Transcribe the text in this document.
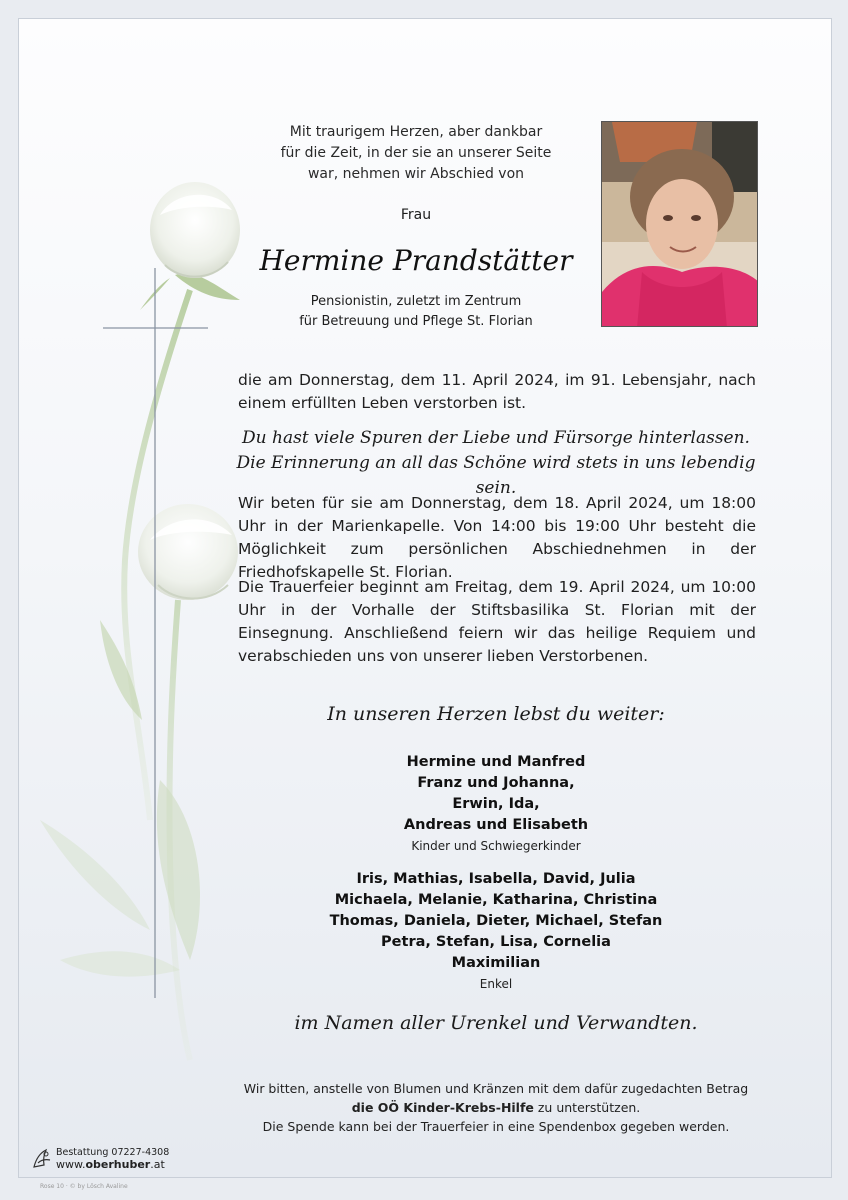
Mit traurigem Herzen, aber dankbar
für die Zeit, in der sie an unserer Seite
war, nehmen wir Abschied von
Frau
Hermine Prandstätter
Pensionistin, zuletzt im Zentrum
für Betreuung und Pflege St. Florian
die am Donnerstag, dem 11. April 2024, im 91. Lebensjahr, nach einem erfüllten Leben verstorben ist.
Du hast viele Spuren der Liebe und Fürsorge hinterlassen.
Die Erinnerung an all das Schöne wird stets in uns lebendig sein.
Wir beten für sie am Donnerstag, dem 18. April 2024, um 18:00 Uhr in der Marienkapelle. Von 14:00 bis 19:00 Uhr besteht die Möglichkeit zum persönlichen Abschiednehmen in der Friedhofskapelle St. Florian.
Die Trauerfeier beginnt am Freitag, dem 19. April 2024, um 10:00 Uhr in der Vorhalle der Stiftsbasilika St. Florian mit der Einsegnung. Anschließend feiern wir das heilige Requiem und verabschieden uns von unserer lieben Verstorbenen.
In unseren Herzen lebst du weiter:
Hermine und Manfred
Franz und Johanna,
Erwin, Ida,
Andreas und Elisabeth
Kinder und Schwiegerkinder
Iris, Mathias, Isabella, David, Julia
Michaela, Melanie, Katharina, Christina
Thomas, Daniela, Dieter, Michael, Stefan
Petra, Stefan, Lisa, Cornelia
Maximilian
Enkel
im Namen aller Urenkel und Verwandten.
Wir bitten, anstelle von Blumen und Kränzen mit dem dafür zugedachten Betrag
die OÖ Kinder-Krebs-Hilfe zu unterstützen.
Die Spende kann bei der Trauerfeier in eine Spendenbox gegeben werden.
Bestattung 07227-4308
www.oberhuber.at
Rose 10 · © by Lösch Avaline
